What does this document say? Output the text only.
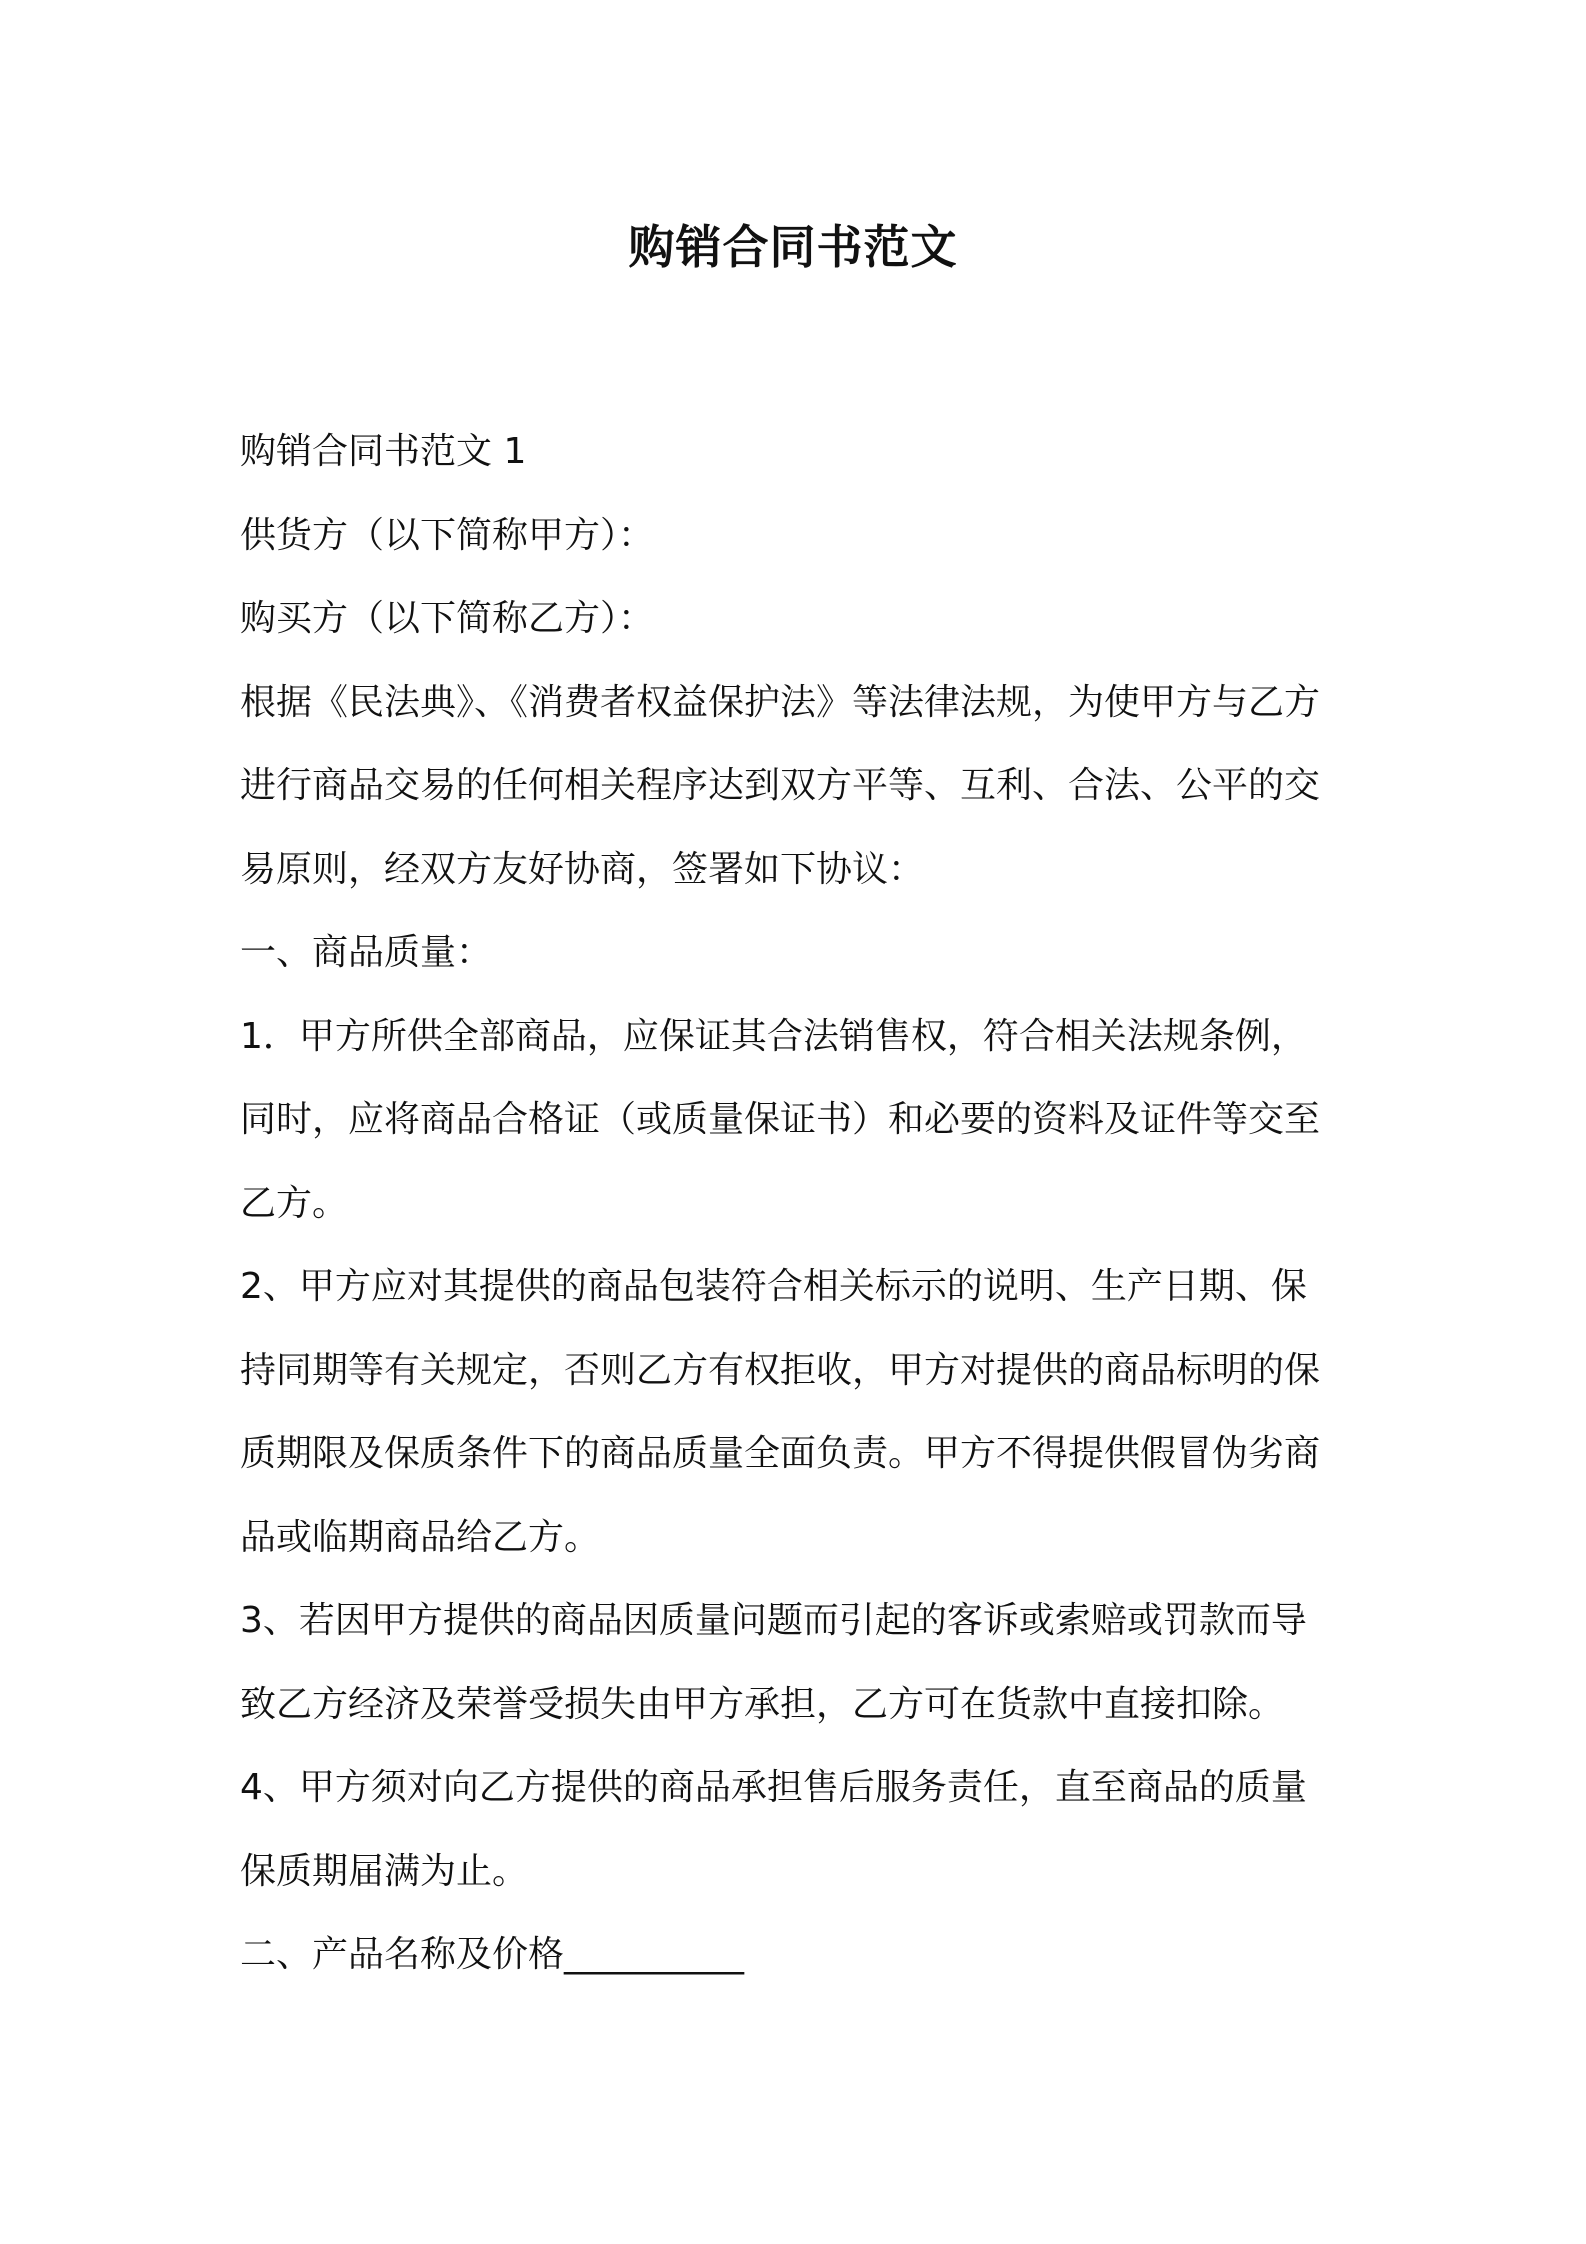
购销合同书范文

购销合同书范文 1

供货方（以下简称甲方）：

购买方（以下简称乙方）：

根据《民法典》、《消费者权益保护法》等法律法规，为使甲方与乙方

进行商品交易的任何相关程序达到双方平等、互利、合法、公平的交

易原则，经双方友好协商，签署如下协议：

一、商品质量：

1．甲方所供全部商品，应保证其合法销售权，符合相关法规条例，

同时，应将商品合格证（或质量保证书）和必要的资料及证件等交至

乙方。

2、甲方应对其提供的商品包装符合相关标示的说明、生产日期、保

持同期等有关规定，否则乙方有权拒收，甲方对提供的商品标明的保

质期限及保质条件下的商品质量全面负责。甲方不得提供假冒伪劣商

品或临期商品给乙方。

3、若因甲方提供的商品因质量问题而引起的客诉或索赔或罚款而导

致乙方经济及荣誉受损失由甲方承担，乙方可在货款中直接扣除。

4、甲方须对向乙方提供的商品承担售后服务责任，直至商品的质量

保质期届满为止。

二、产品名称及价格__________
